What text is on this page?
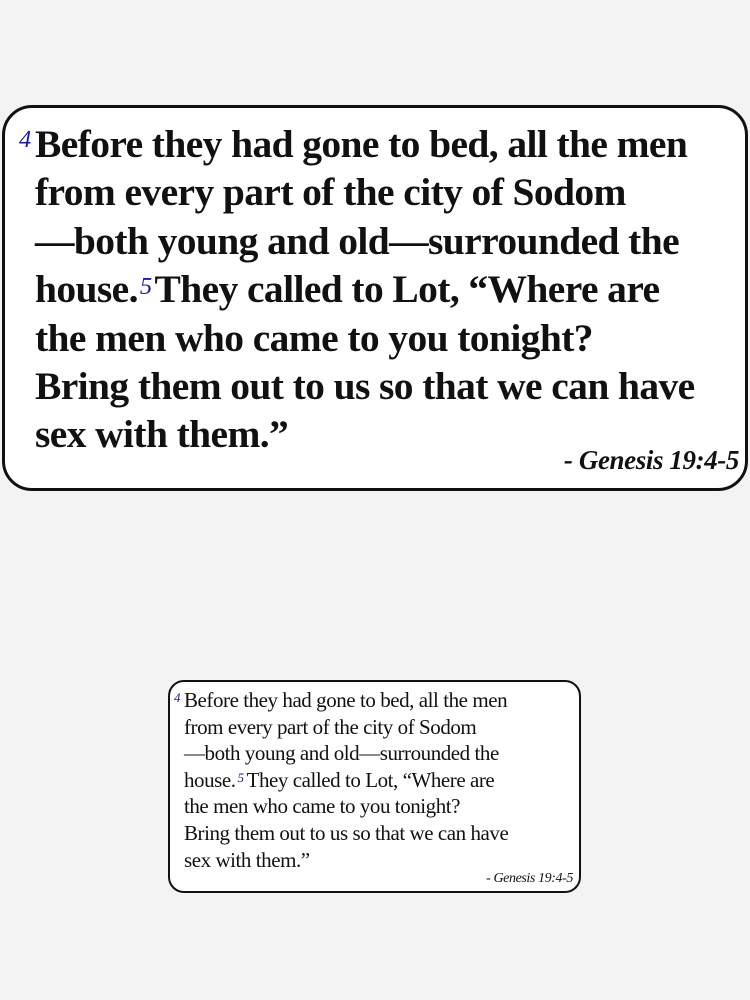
4 Before they had gone to bed, all the men
from every part of the city of Sodom
—both young and old—surrounded the
house.$^5$They called to Lot, “Where are
the men who came to you tonight?
Bring them out to us so that we can have
sex with them.”
- Genesis 19:4-5
4 Before they had gone to bed, all the men
from every part of the city of Sodom
—both young and old—surrounded the
house. $^5$ They called to Lot, “Where are
the men who came to you tonight?
Bring them out to us so that we can have
sex with them.”
- Genesis 19:4-5
